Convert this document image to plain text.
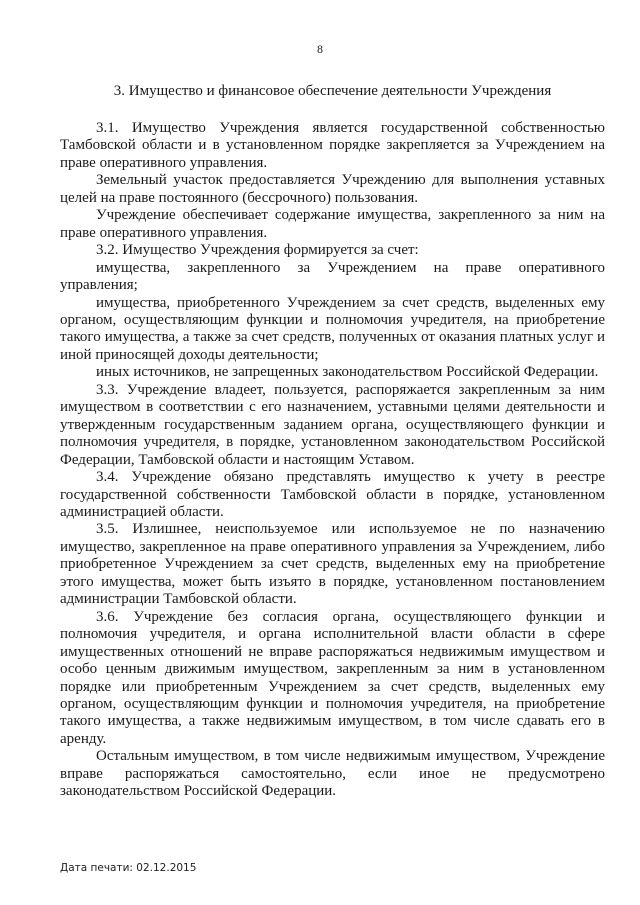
8
3. Имущество и финансовое обеспечение деятельности Учреждения

3.1. Имущество Учреждения является государственной собственностью Тамбовской области и в установленном порядке закрепляется за Учреждением на праве оперативного управления.

Земельный участок предоставляется Учреждению для выполнения уставных целей на праве постоянного (бессрочного) пользования.

Учреждение обеспечивает содержание имущества, закрепленного за ним на праве оперативного управления.

3.2. Имущество Учреждения формируется за счет:

имущества, закрепленного за Учреждением на праве оперативного управления;

имущества, приобретенного Учреждением за счет средств, выделенных ему органом, осуществляющим функции и полномочия учредителя, на приобретение такого имущества, а также за счет средств, полученных от оказания платных услуг и иной приносящей доходы деятельности;

иных источников, не запрещенных законодательством Российской Федерации.

3.3. Учреждение владеет, пользуется, распоряжается закрепленным за ним имуществом в соответствии с его назначением, уставными целями деятельности и утвержденным государственным заданием органа, осуществляющего функции и полномочия учредителя, в порядке, установленном законодательством Российской Федерации, Тамбовской области и настоящим Уставом.

3.4. Учреждение обязано представлять имущество к учету в реестре государственной собственности Тамбовской области в порядке, установленном администрацией области.

3.5. Излишнее, неиспользуемое или используемое не по назначению имущество, закрепленное на праве оперативного управления за Учреждением, либо приобретенное Учреждением за счет средств, выделенных ему на приобретение этого имущества, может быть изъято в порядке, установленном постановлением администрации Тамбовской области.

3.6. Учреждение без согласия органа, осуществляющего функции и полномочия учредителя, и органа исполнительной власти области в сфере имущественных отношений не вправе распоряжаться недвижимым имуществом и особо ценным движимым имуществом, закрепленным за ним в установленном порядке или приобретенным Учреждением за счет средств, выделенных ему органом, осуществляющим функции и полномочия учредителя, на приобретение такого имущества, а также недвижимым имуществом, в том числе сдавать его в аренду.

Остальным имуществом, в том числе недвижимым имуществом, Учреждение вправе распоряжаться самостоятельно, если иное не предусмотрено законодательством Российской Федерации.

Дата печати: 02.12.2015
